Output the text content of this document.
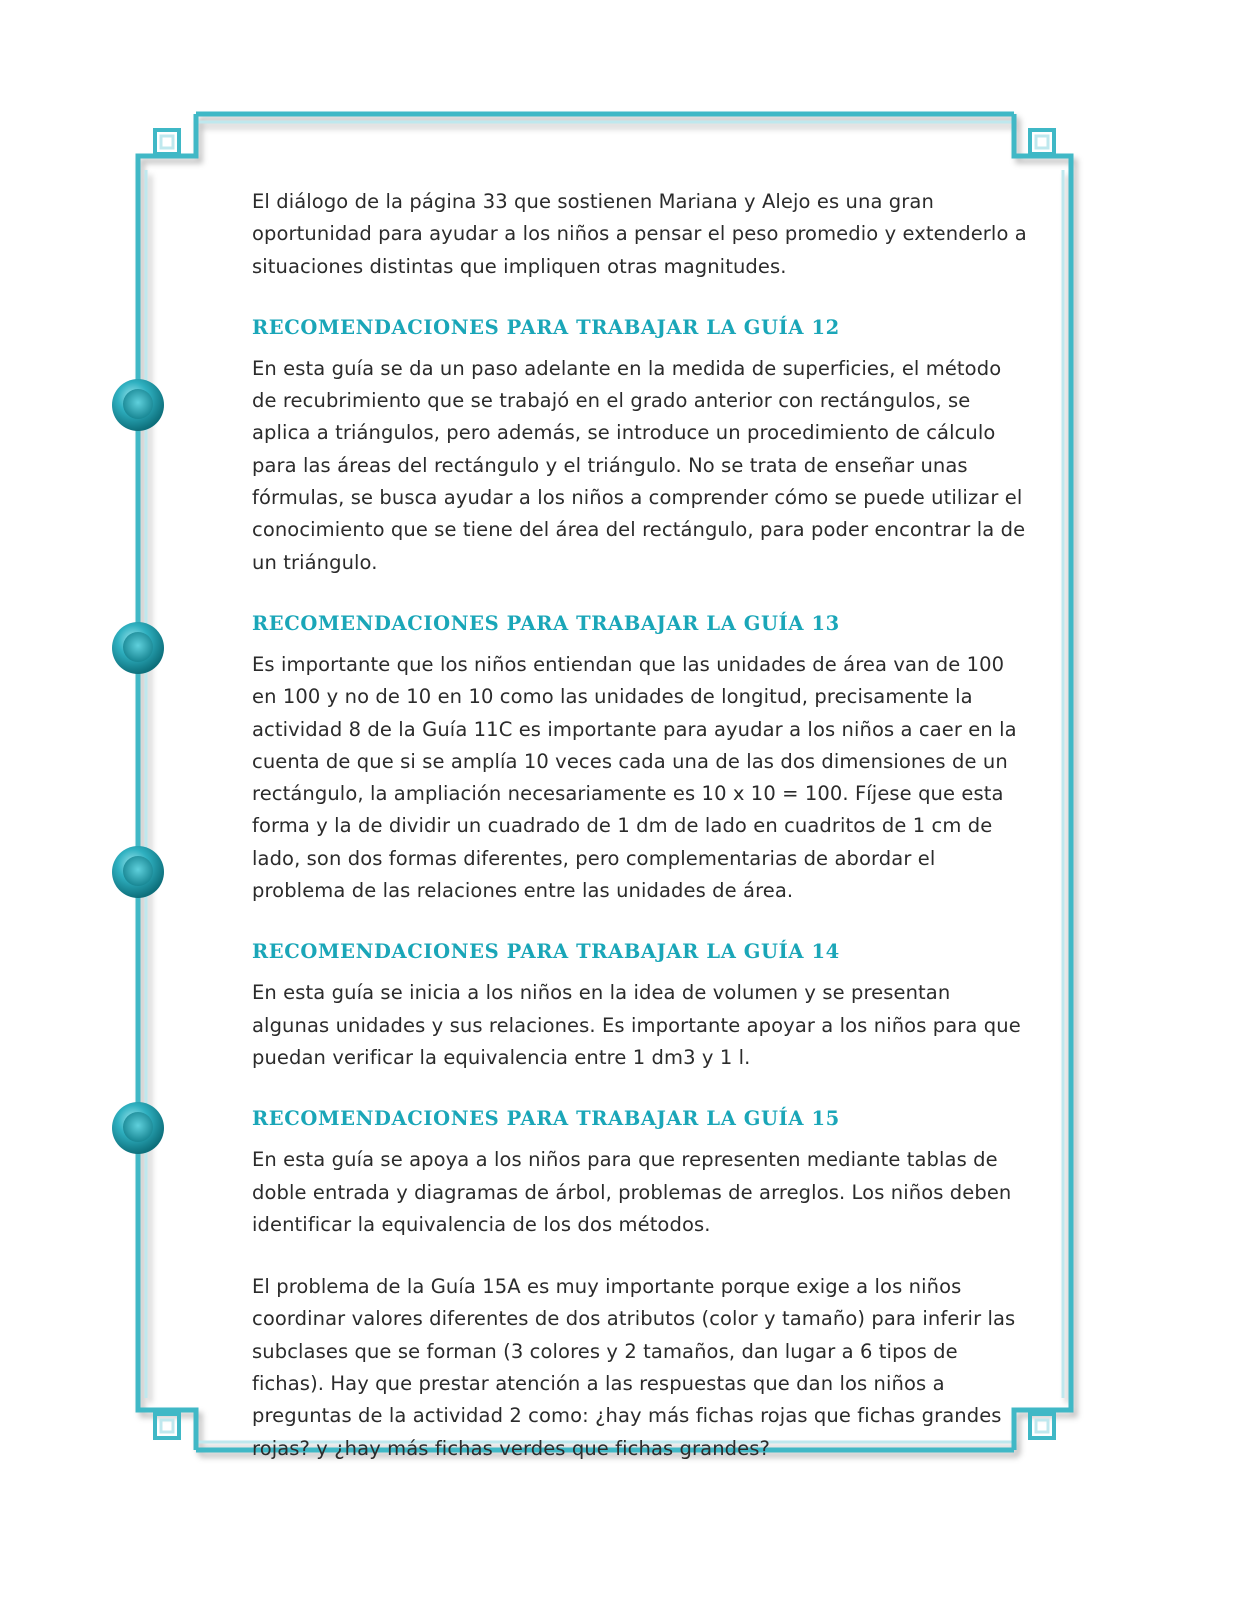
El diálogo de la página 33 que sostienen Mariana y Alejo es una gran oportunidad para ayudar a los niños a pensar el peso promedio y extenderlo a situaciones distintas que impliquen otras magnitudes.

RECOMENDACIONES PARA TRABAJAR LA GUÍA 12

En esta guía se da un paso adelante en la medida de superficies, el método de recubrimiento que se trabajó en el grado anterior con rectángulos, se aplica a triángulos, pero además, se introduce un procedimiento de cálculo para las áreas del rectángulo y el triángulo. No se trata de enseñar unas fórmulas, se busca ayudar a los niños a comprender cómo se puede utilizar el conocimiento que se tiene del área del rectángulo, para poder encontrar la de un triángulo.

RECOMENDACIONES PARA TRABAJAR LA GUÍA 13

Es importante que los niños entiendan que las unidades de área van de 100 en 100 y no de 10 en 10 como las unidades de longitud, precisamente la actividad 8 de la Guía 11C es importante para ayudar a los niños a caer en la cuenta de que si se amplía 10 veces cada una de las dos dimensiones de un rectángulo, la ampliación necesariamente es 10 x 10 = 100. Fíjese que esta forma y la de dividir un cuadrado de 1 dm de lado en cuadritos de 1 cm de lado, son dos formas diferentes, pero complementarias de abordar el problema de las relaciones entre las unidades de área.

RECOMENDACIONES PARA TRABAJAR LA GUÍA 14

En esta guía se inicia a los niños en la idea de volumen y se presentan algunas unidades y sus relaciones. Es importante apoyar a los niños para que puedan verificar la equivalencia entre 1 dm3 y 1 l.

RECOMENDACIONES PARA TRABAJAR LA GUÍA 15

En esta guía se apoya a los niños para que representen mediante tablas de doble entrada y diagramas de árbol, problemas de arreglos. Los niños deben identificar la equivalencia de los dos métodos.

El problema de la Guía 15A es muy importante porque exige a los niños coordinar valores diferentes de dos atributos (color y tamaño) para inferir las subclases que se forman (3 colores y 2 tamaños, dan lugar a 6 tipos de fichas). Hay que prestar atención a las respuestas que dan los niños a preguntas de la actividad 2 como: ¿hay más fichas rojas que fichas grandes rojas? y ¿hay más fichas verdes que fichas grandes?
